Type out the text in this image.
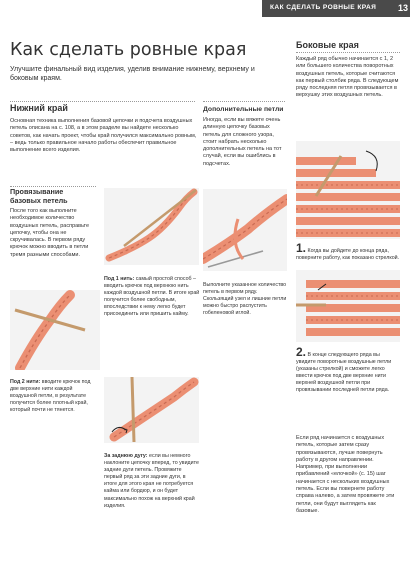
КАК СДЕЛАТЬ РОВНЫЕ КРАЯ 13
Как сделать ровные края
Улучшите финальный вид изделия, уделив внимание нижнему, верхнему и боковым краям.
Нижний край
Основная техника выполнения базовой цепочки и подсчета воздушных петель описана на с. 108, а в этом разделе вы найдете несколько советов, как начать проект, чтобы край получился максимально ровным, – ведь только правильное начало работы обеспечит правильное выполнение всего изделия.
Дополнительные петли
Иногда, если вы вяжете очень длинную цепочку базовых петель для сложного узора, стоит набрать несколько дополнительных петель на тот случай, если вы ошиблись в подсчетах.
Провязывание базовых петель
После того как выполните необходимое количество воздушных петель, расправьте цепочку, чтобы она не скручивалась. В первом ряду крючок можно вводить в петли тремя разными способами.
Под 1 нить: самый простой способ – вводить крючок под верхнюю нить каждой воздушной петли. В итоге край получится более свободным, впоследствии к нему легко будет присоединить или пришить кайму.
Под 2 нити: вводите крючок под две верхние нити каждой воздушной петли, в результате получится более плотный край, который почти не тянется.
За заднюю дугу: если вы немного наклоните цепочку вперед, то увидите задние дуги петель. Провяжите первый ряд за эти задние дуги, в итоге для этого края не потребуется кайма или бордюр, и он будет максимально похож на верхний край изделия.
Выполните указанное количество петель в первом ряду. Скользящий узел и лишние петли можно быстро распустить гобеленовой иглой.
Боковые края
Каждый ряд обычно начинается с 1, 2 или большего количества поворотных воздушных петель, которые считаются как первый столбик ряда. В следующем ряду последняя петля провязывается в верхушку этих воздушных петель.
1. Когда вы дойдете до конца ряда, поверните работу, как показано стрелкой.
2. В конце следующего ряда вы увидите поворотные воздушные петли (указаны стрелкой) и сможете легко ввести крючок под две верхние нити верхней воздушной петли при провязывании последней петли ряда.
Если ряд начинается с воздушных петель, которые затем сразу провязываются, лучше повернуть работу в другом направлении. Например, при выполнении прибавлений «елочкой» (с. 15) шаг начинается с нескольких воздушных петель. Если вы повернете работу справа налево, а затем провяжете эти петли, они будут выглядеть как базовые.
